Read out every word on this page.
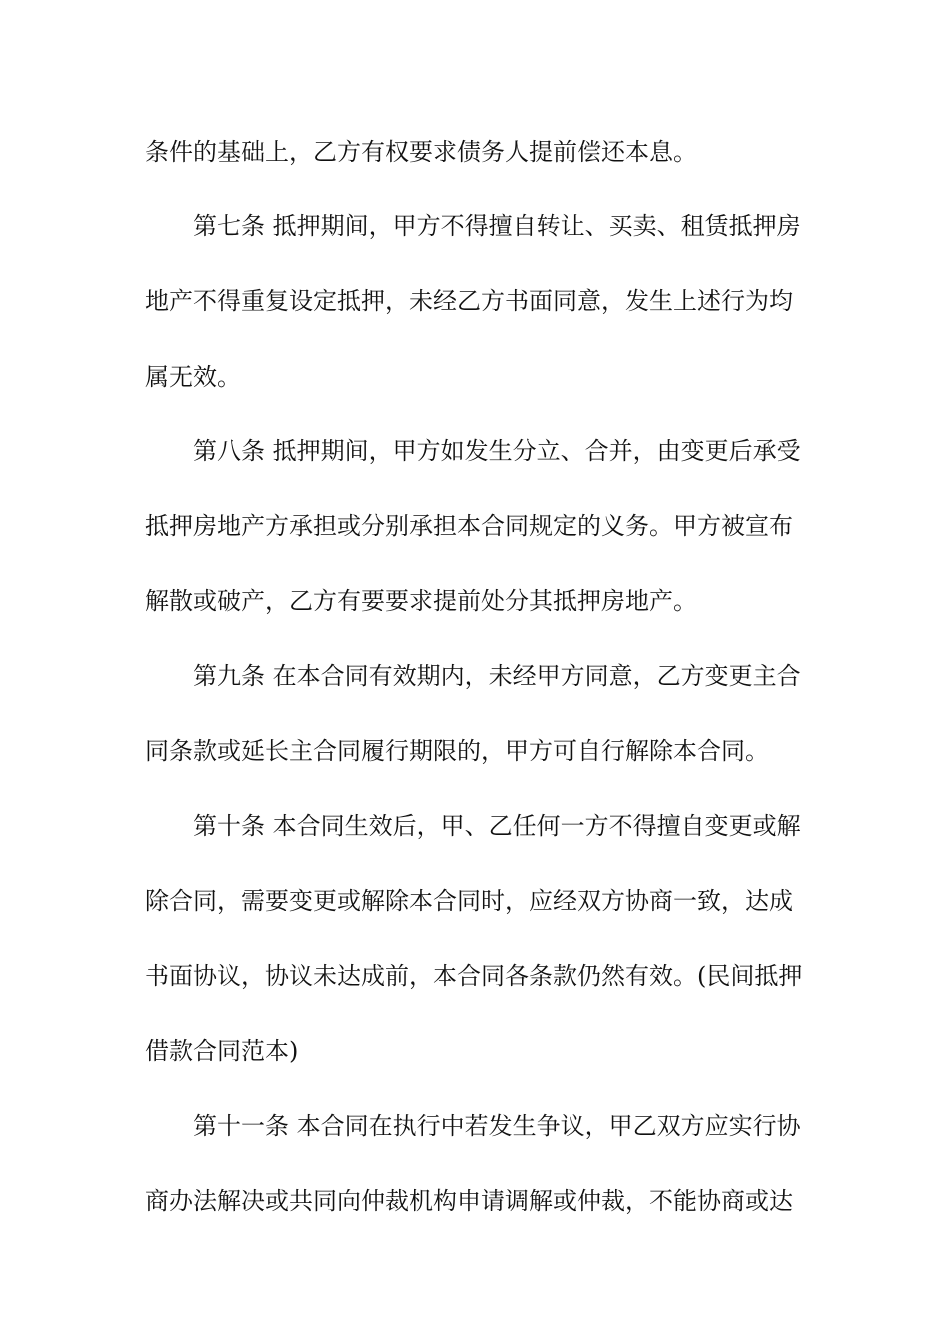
条件的基础上，乙方有权要求债务人提前偿还本息。
第七条 抵押期间，甲方不得擅自转让、买卖、租赁抵押房
地产不得重复设定抵押，未经乙方书面同意，发生上述行为均
属无效。
第八条 抵押期间，甲方如发生分立、合并，由变更后承受
抵押房地产方承担或分别承担本合同规定的义务。甲方被宣布
解散或破产，乙方有要要求提前处分其抵押房地产。
第九条 在本合同有效期内，未经甲方同意，乙方变更主合
同条款或延长主合同履行期限的，甲方可自行解除本合同。
第十条 本合同生效后，甲、乙任何一方不得擅自变更或解
除合同，需要变更或解除本合同时，应经双方协商一致，达成
书面协议，协议未达成前，本合同各条款仍然有效。(民间抵押
借款合同范本)
第十一条 本合同在执行中若发生争议，甲乙双方应实行协
商办法解决或共同向仲裁机构申请调解或仲裁，不能协商或达
